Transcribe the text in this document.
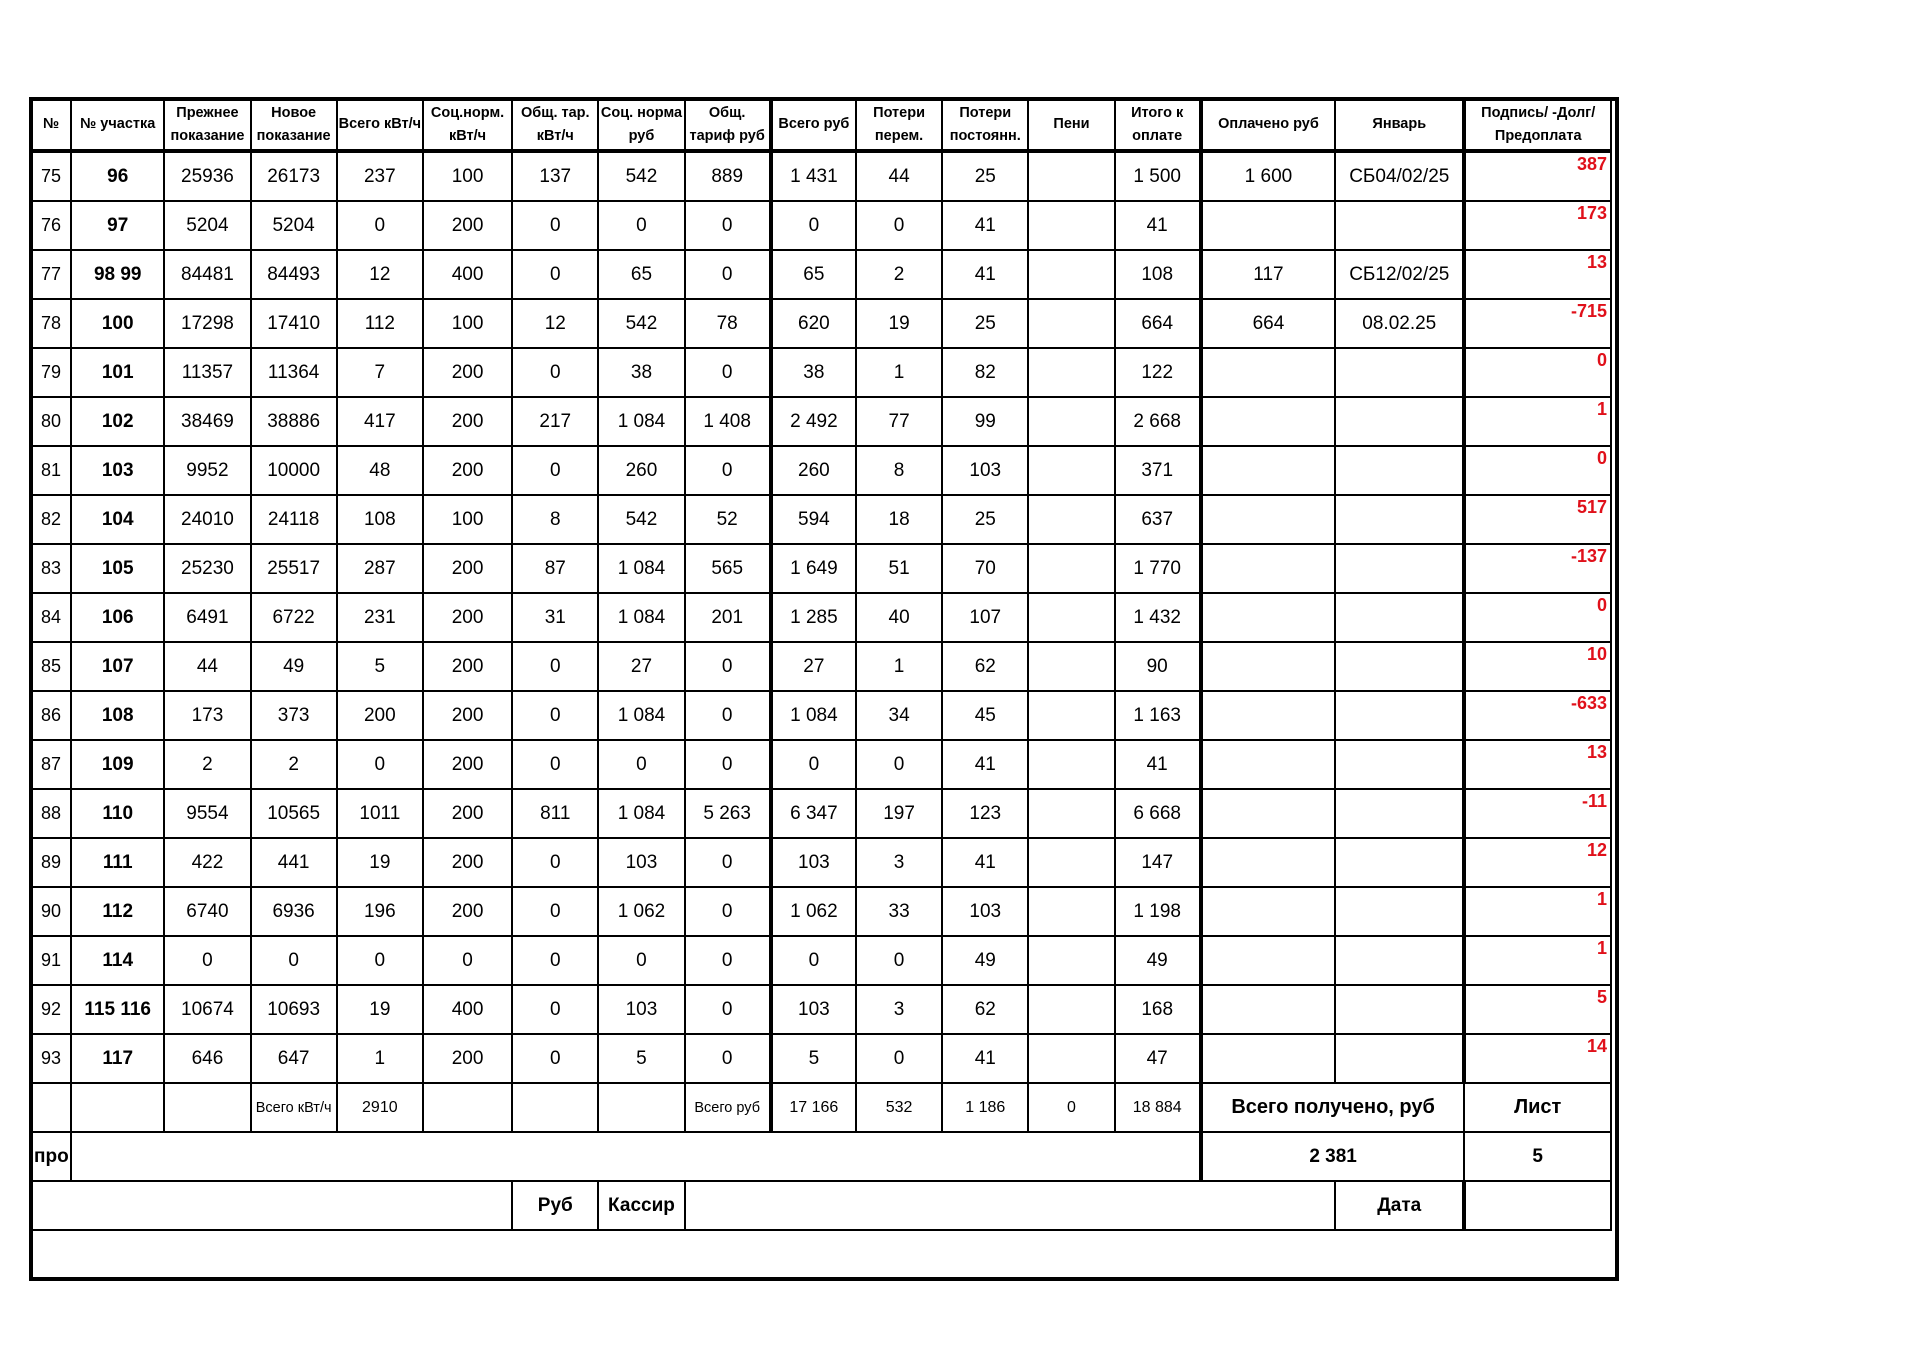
№	№ участка	Прежнее показание	Новое показание	Всего кВт/ч	Соц.норм. кВт/ч	Общ. тар. кВт/ч	Соц. норма руб	Общ. тариф руб	Всего руб	Потери перем.	Потери постоянн.	Пени	Итого к оплате	Оплачено руб	Январь	Подпись/ -Долг/Предоплата
75	96	25936	26173	237	100	137	542	889	1 431	44	25		1 500	1 600	СБ04/02/25	387
76	97	5204	5204	0	200	0	0	0	0	0	41		41			173
77	98 99	84481	84493	12	400	0	65	0	65	2	41		108	117	СБ12/02/25	13
78	100	17298	17410	112	100	12	542	78	620	19	25		664	664	08.02.25	-715
79	101	11357	11364	7	200	0	38	0	38	1	82		122			0
80	102	38469	38886	417	200	217	1 084	1 408	2 492	77	99		2 668			1
81	103	9952	10000	48	200	0	260	0	260	8	103		371			0
82	104	24010	24118	108	100	8	542	52	594	18	25		637			517
83	105	25230	25517	287	200	87	1 084	565	1 649	51	70		1 770			-137
84	106	6491	6722	231	200	31	1 084	201	1 285	40	107		1 432			0
85	107	44	49	5	200	0	27	0	27	1	62		90			10
86	108	173	373	200	200	0	1 084	0	1 084	34	45		1 163			-633
87	109	2	2	0	200	0	0	0	0	0	41		41			13
88	110	9554	10565	1011	200	811	1 084	5 263	6 347	197	123		6 668			-11
89	111	422	441	19	200	0	103	0	103	3	41		147			12
90	112	6740	6936	196	200	0	1 062	0	1 062	33	103		1 198			1
91	114	0	0	0	0	0	0	0	0	0	49		49			1
92	115 116	10674	10693	19	400	0	103	0	103	3	62		168			5
93	117	646	647	1	200	0	5	0	5	0	41		47			14
			Всего кВт/ч	2910				Всего руб	17 166	532	1 186	0	18 884	Всего получено, руб		Лист
про														2 381		5
						Руб	Кассир								Дата	
